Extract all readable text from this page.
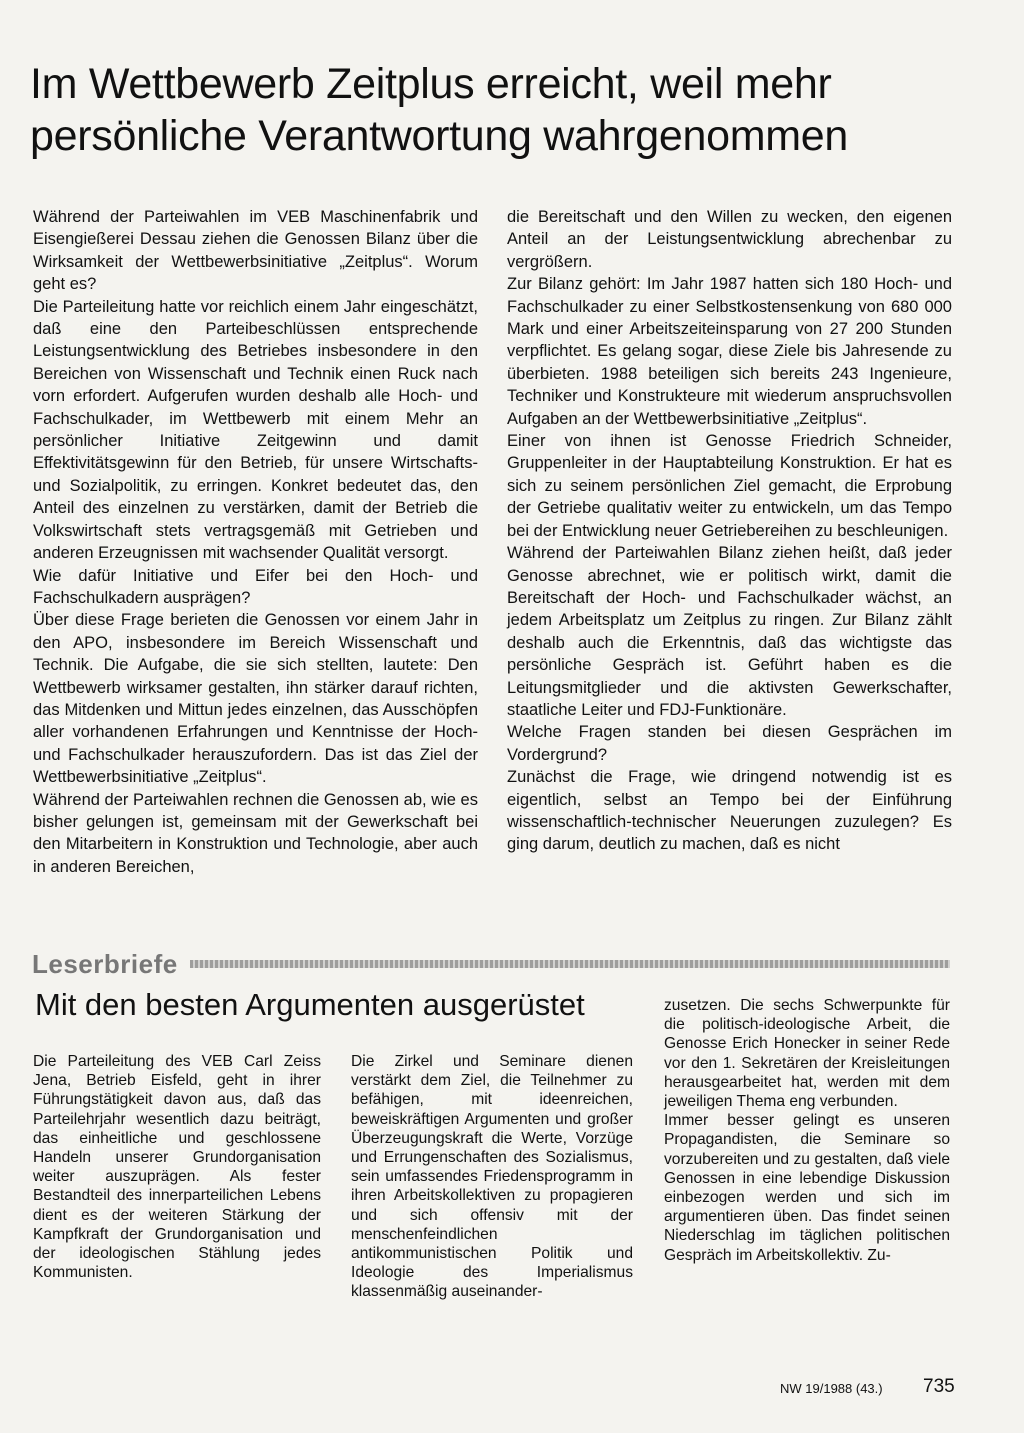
Im Wettbewerb Zeitplus erreicht, weil mehr
persönliche Verantwortung wahrgenommen

Während der Parteiwahlen im VEB Maschinenfabrik und Eisengießerei Dessau ziehen die Genossen Bilanz über die Wirksamkeit der Wettbewerbsinitiative „Zeitplus“. Worum geht es?

Die Parteileitung hatte vor reichlich einem Jahr eingeschätzt, daß eine den Parteibeschlüssen entsprechende Leistungsentwicklung des Betriebes insbesondere in den Bereichen von Wissenschaft und Technik einen Ruck nach vorn erfordert. Aufgerufen wurden deshalb alle Hoch- und Fachschulkader, im Wettbewerb mit einem Mehr an persönlicher Initiative Zeitgewinn und damit Effektivitätsgewinn für den Betrieb, für unsere Wirtschafts- und Sozialpolitik, zu erringen. Konkret bedeutet das, den Anteil des einzelnen zu verstärken, damit der Betrieb die Volkswirtschaft stets vertragsgemäß mit Getrieben und anderen Erzeugnissen mit wachsender Qualität versorgt.

Wie dafür Initiative und Eifer bei den Hoch- und Fachschulkadern ausprägen?

Über diese Frage berieten die Genossen vor einem Jahr in den APO, insbesondere im Bereich Wissenschaft und Technik. Die Aufgabe, die sie sich stellten, lautete: Den Wettbewerb wirksamer gestalten, ihn stärker darauf richten, das Mitdenken und Mittun jedes einzelnen, das Ausschöpfen aller vorhandenen Erfahrungen und Kenntnisse der Hoch- und Fachschulkader herauszufordern. Das ist das Ziel der Wettbewerbsinitiative „Zeitplus“.

Während der Parteiwahlen rechnen die Genossen ab, wie es bisher gelungen ist, gemeinsam mit der Gewerkschaft bei den Mitarbeitern in Konstruktion und Technologie, aber auch in anderen Bereichen,

die Bereitschaft und den Willen zu wecken, den eigenen Anteil an der Leistungsentwicklung abrechenbar zu vergrößern.

Zur Bilanz gehört: Im Jahr 1987 hatten sich 180 Hoch- und Fachschulkader zu einer Selbstkostensenkung von 680 000 Mark und einer Arbeitszeiteinsparung von 27 200 Stunden verpflichtet. Es gelang sogar, diese Ziele bis Jahresende zu überbieten. 1988 beteiligen sich bereits 243 Ingenieure, Techniker und Konstrukteure mit wiederum anspruchsvollen Aufgaben an der Wettbewerbsinitiative „Zeitplus“.

Einer von ihnen ist Genosse Friedrich Schneider, Gruppenleiter in der Hauptabteilung Konstruktion. Er hat es sich zu seinem persönlichen Ziel gemacht, die Erprobung der Getriebe qualitativ weiter zu entwickeln, um das Tempo bei der Entwicklung neuer Getriebereihen zu beschleunigen.

Während der Parteiwahlen Bilanz ziehen heißt, daß jeder Genosse abrechnet, wie er politisch wirkt, damit die Bereitschaft der Hoch- und Fachschulkader wächst, an jedem Arbeitsplatz um Zeitplus zu ringen. Zur Bilanz zählt deshalb auch die Erkenntnis, daß das wichtigste das persönliche Gespräch ist. Geführt haben es die Leitungsmitglieder und die aktivsten Gewerkschafter, staatliche Leiter und FDJ-Funktionäre.

Welche Fragen standen bei diesen Gesprächen im Vordergrund?

Zunächst die Frage, wie dringend notwendig ist es eigentlich, selbst an Tempo bei der Einführung wissenschaftlich-technischer Neuerungen zuzulegen? Es ging darum, deutlich zu machen, daß es nicht

Leserbriefe
Mit den besten Argumenten ausgerüstet

Die Parteileitung des VEB Carl Zeiss Jena, Betrieb Eisfeld, geht in ihrer Führungstätigkeit davon aus, daß das Parteilehrjahr wesentlich dazu beiträgt, das einheitliche und geschlossene Handeln unserer Grundorganisation weiter auszuprägen. Als fester Bestandteil des innerparteilichen Lebens dient es der weiteren Stärkung der Kampfkraft der Grundorganisation und der ideologischen Stählung jedes Kommunisten.

Die Zirkel und Seminare dienen verstärkt dem Ziel, die Teilnehmer zu befähigen, mit ideenreichen, beweiskräftigen Argumenten und großer Überzeugungskraft die Werte, Vorzüge und Errungenschaften des Sozialismus, sein umfassendes Friedensprogramm in ihren Arbeitskollektiven zu propagieren und sich offensiv mit der menschenfeindlichen antikommunistischen Politik und Ideologie des Imperialismus klassenmäßig auseinander-

zusetzen. Die sechs Schwerpunkte für die politisch-ideologische Arbeit, die Genosse Erich Honecker in seiner Rede vor den 1. Sekretären der Kreisleitungen herausgearbeitet hat, werden mit dem jeweiligen Thema eng verbunden.

Immer besser gelingt es unseren Propagandisten, die Seminare so vorzubereiten und zu gestalten, daß viele Genossen in eine lebendige Diskussion einbezogen werden und sich im argumentieren üben. Das findet seinen Niederschlag im täglichen politischen Gespräch im Arbeitskollektiv. Zu-

NW 19/1988 (43.) 735
